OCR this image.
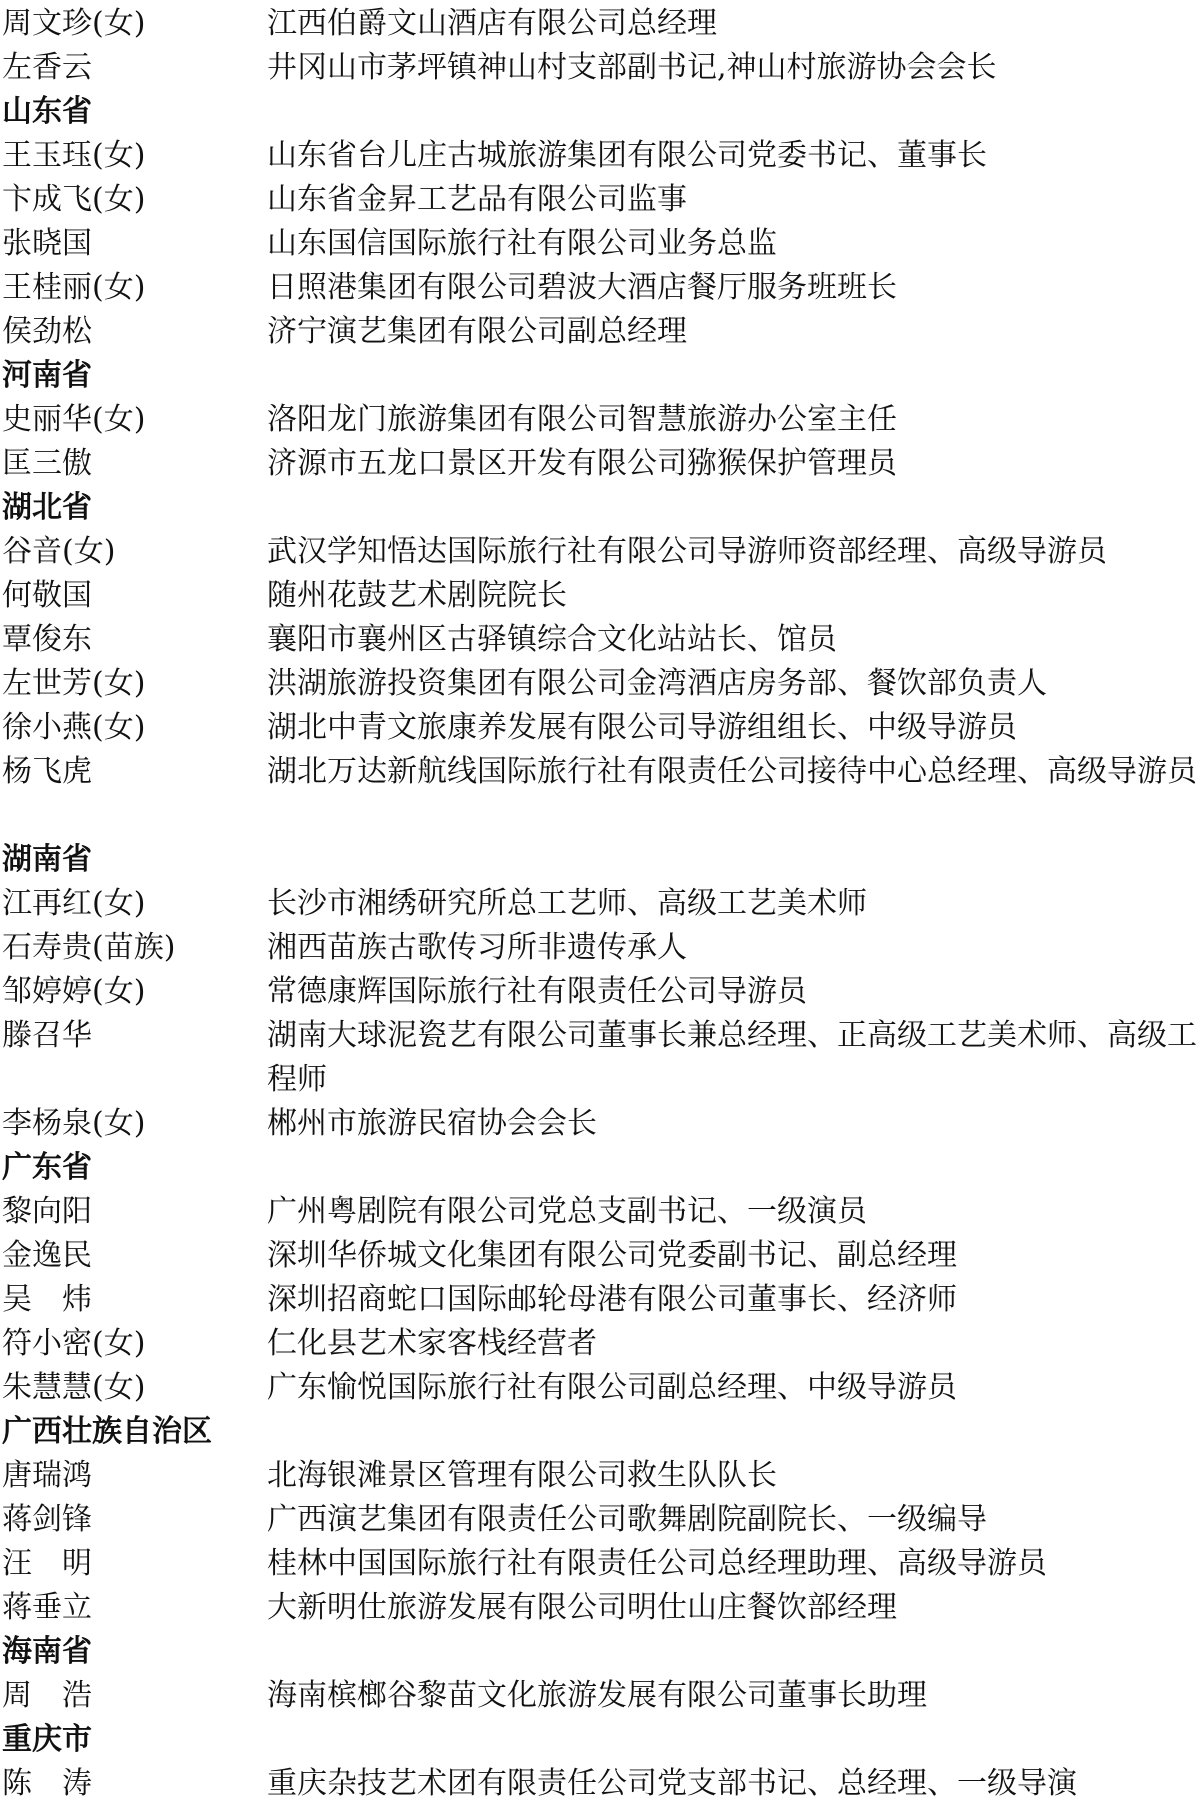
周文珍(女)	江西伯爵文山酒店有限公司总经理
左香云	井冈山市茅坪镇神山村支部副书记,神山村旅游协会会长
山东省
王玉珏(女)	山东省台儿庄古城旅游集团有限公司党委书记、董事长
卞成飞(女)	山东省金昇工艺品有限公司监事
张晓国	山东国信国际旅行社有限公司业务总监
王桂丽(女)	日照港集团有限公司碧波大酒店餐厅服务班班长
侯劲松	济宁演艺集团有限公司副总经理
河南省
史丽华(女)	洛阳龙门旅游集团有限公司智慧旅游办公室主任
匡三傲	济源市五龙口景区开发有限公司猕猴保护管理员
湖北省
谷音(女)	武汉学知悟达国际旅行社有限公司导游师资部经理、高级导游员
何敬国	随州花鼓艺术剧院院长
覃俊东	襄阳市襄州区古驿镇综合文化站站长、馆员
左世芳(女)	洪湖旅游投资集团有限公司金湾酒店房务部、餐饮部负责人
徐小燕(女)	湖北中青文旅康养发展有限公司导游组组长、中级导游员
杨飞虎	湖北万达新航线国际旅行社有限责任公司接待中心总经理、高级导游员
湖南省
江再红(女)	长沙市湘绣研究所总工艺师、高级工艺美术师
石寿贵(苗族)	湘西苗族古歌传习所非遗传承人
邹婷婷(女)	常德康辉国际旅行社有限责任公司导游员
滕召华	湖南大球泥瓷艺有限公司董事长兼总经理、正高级工艺美术师、高级工程师
李杨泉(女)	郴州市旅游民宿协会会长
广东省
黎向阳	广州粤剧院有限公司党总支副书记、一级演员
金逸民	深圳华侨城文化集团有限公司党委副书记、副总经理
吴　炜	深圳招商蛇口国际邮轮母港有限公司董事长、经济师
符小密(女)	仁化县艺术家客栈经营者
朱慧慧(女)	广东愉悦国际旅行社有限公司副总经理、中级导游员
广西壮族自治区
唐瑞鸿	北海银滩景区管理有限公司救生队队长
蒋剑锋	广西演艺集团有限责任公司歌舞剧院副院长、一级编导
汪　明	桂林中国国际旅行社有限责任公司总经理助理、高级导游员
蒋垂立	大新明仕旅游发展有限公司明仕山庄餐饮部经理
海南省
周　浩	海南槟榔谷黎苗文化旅游发展有限公司董事长助理
重庆市
陈　涛	重庆杂技艺术团有限责任公司党支部书记、总经理、一级导演
